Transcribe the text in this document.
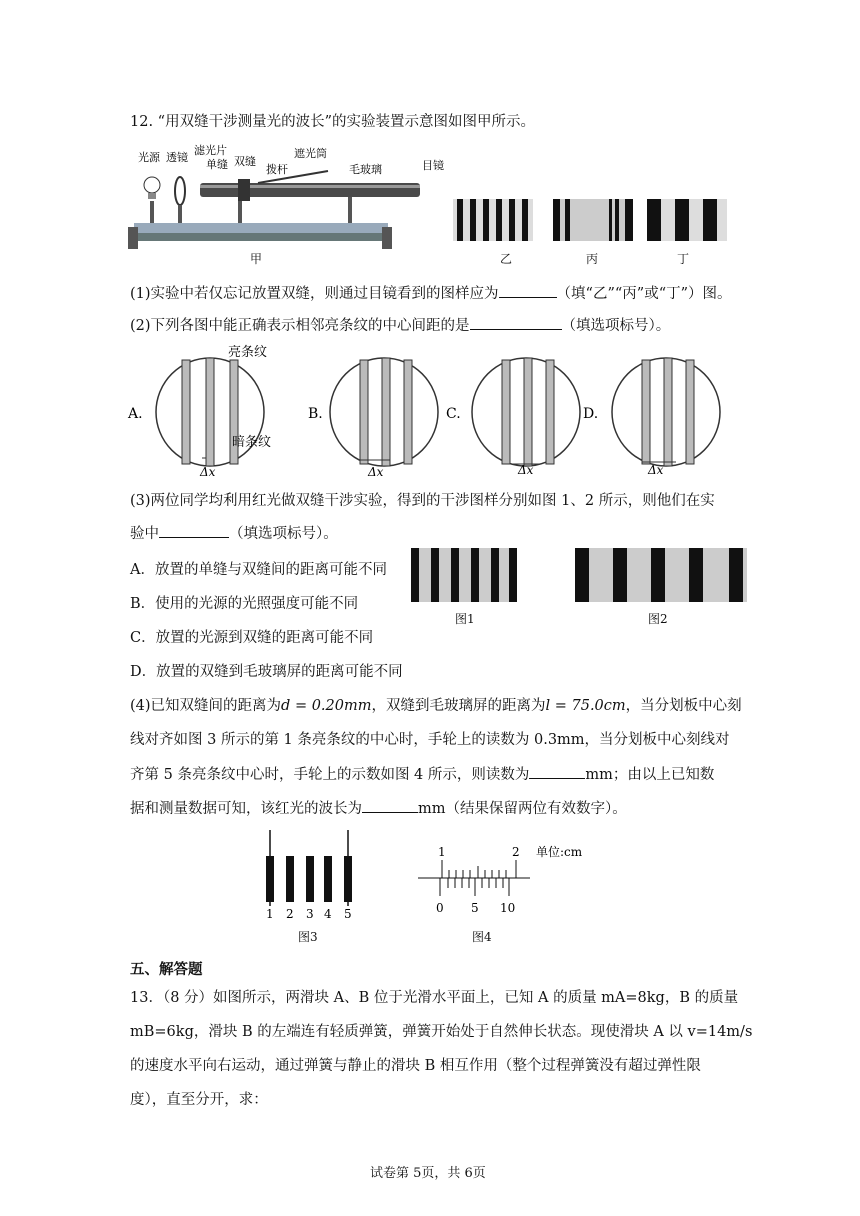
12. “用双缝干涉测量光的波长”的实验装置示意图如图甲所示。
光源 透镜
滤光片
单缝 双缝
拨杆
遮光筒
毛玻璃	目镜
甲	乙	丙	丁
(1)实验中若仅忘记放置双缝，则通过目镜看到的图样应为	（填“乙”“丙”或“丁”）图。
(2)下列各图中能正确表示相邻亮条纹的中心间距的是	（填选项标号）。
A.	B.	C.	D.
亮条纹
暗条纹
Δx	Δx	Δx	Δx
(3)两位同学均利用红光做双缝干涉实验，得到的干涉图样分别如图 1、2 所示，则他们在实
验中	（填选项标号）。
A．放置的单缝与双缝间的距离可能不同
B．使用的光源的光照强度可能不同
C．放置的光源到双缝的距离可能不同
D．放置的双缝到毛玻璃屏的距离可能不同
图1	图2
(4)已知双缝间的距离为d = 0.20mm，双缝到毛玻璃屏的距离为l = 75.0cm，当分划板中心刻
线对齐如图 3 所示的第 1 条亮条纹的中心时，手轮上的读数为 0.3mm，当分划板中心刻线对
齐第 5 条亮条纹中心时，手轮上的示数如图 4 所示，则读数为	mm；由以上已知数
据和测量数据可知，该红光的波长为	mm（结果保留两位有效数字）。
1 2 3 4 5
图3
1	2 单位:cm
0 5 10
图4
五、解答题
13．（8 分）如图所示，两滑块 A、B 位于光滑水平面上，已知 A 的质量 mA=8kg，B 的质量
mB=6kg，滑块 B 的左端连有轻质弹簧，弹簧开始处于自然伸长状态。现使滑块 A 以 v=14m/s
的速度水平向右运动，通过弹簧与静止的滑块 B 相互作用（整个过程弹簧没有超过弹性限
度），直至分开，求：
试卷第 5页，共 6页
